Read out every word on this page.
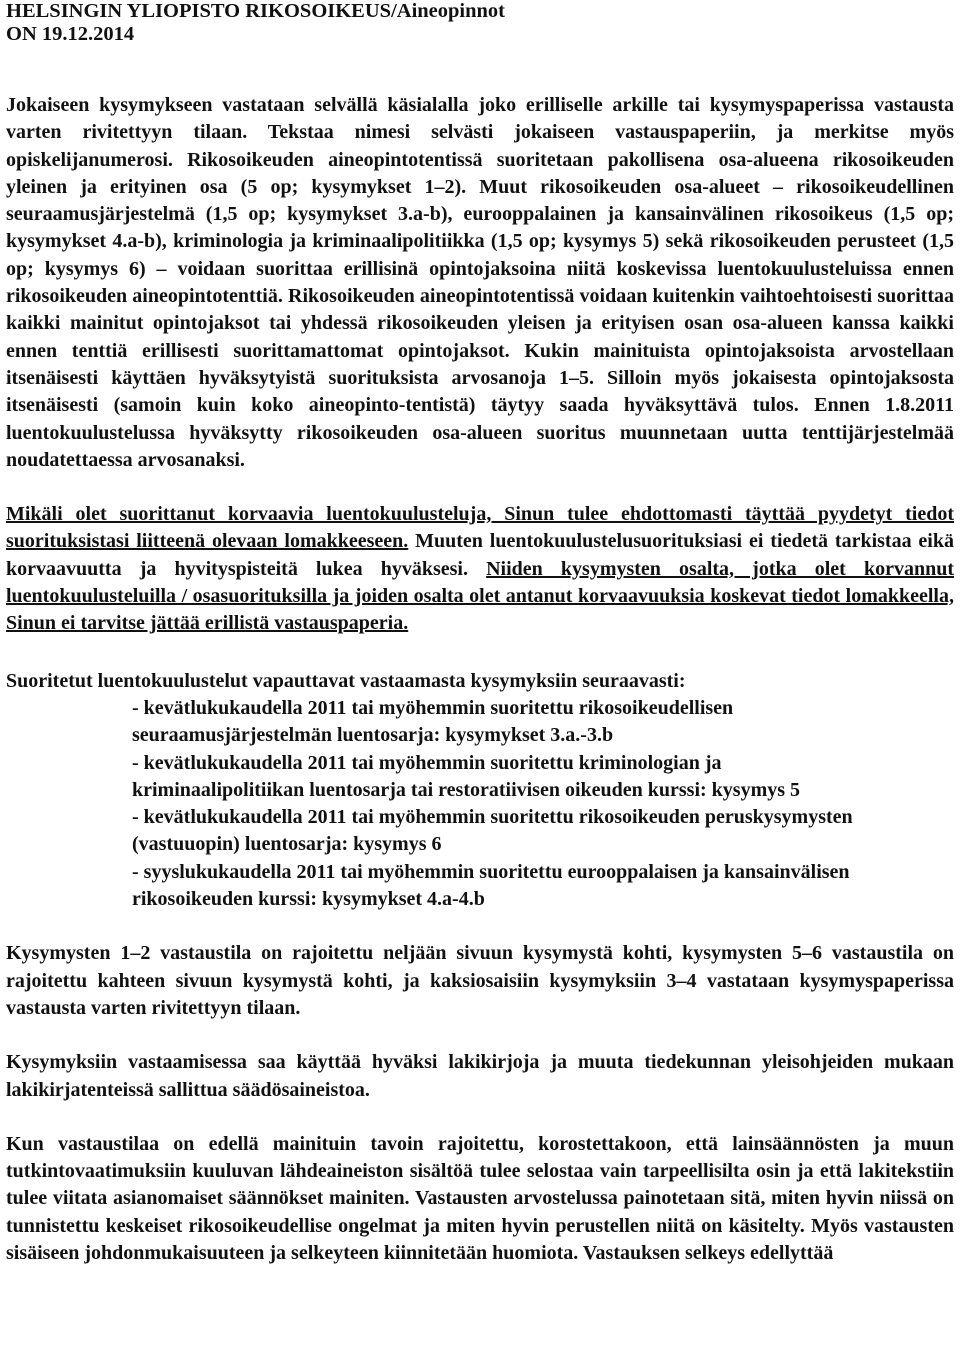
HELSINGIN YLIOPISTO RIKOSOIKEUS/Aineopinnot
ON 19.12.2014

Jokaiseen kysymykseen vastataan selvällä käsialalla joko erilliselle arkille tai kysymyspaperissa vastausta varten rivitettyyn tilaan. Tekstaa nimesi selvästi jokaiseen vastauspaperiin, ja merkitse myös opiskelijanumerosi. Rikosoikeuden aineopintotentissä suoritetaan pakollisena osa-alueena rikosoikeuden yleinen ja erityinen osa (5 op; kysymykset 1–2). Muut rikosoikeuden osa-alueet – rikosoikeudellinen seuraamusjärjestelmä (1,5 op; kysymykset 3.a-b), eurooppalainen ja kansainvälinen rikosoikeus (1,5 op; kysymykset 4.a-b), kriminologia ja kriminaalipolitiikka (1,5 op; kysymys 5) sekä rikosoikeuden perusteet (1,5 op; kysymys 6) – voidaan suorittaa erillisinä opintojaksoina niitä koskevissa luentokuulusteluissa ennen rikosoikeuden aineopintotenttiä. Rikosoikeuden aineopintotentissä voidaan kuitenkin vaihtoehtoisesti suorittaa kaikki mainitut opintojaksot tai yhdessä rikosoikeuden yleisen ja erityisen osan osa-alueen kanssa kaikki ennen tenttiä erillisesti suorittamattomat opintojaksot. Kukin mainituista opintojaksoista arvostellaan itsenäisesti käyttäen hyväksytyistä suorituksista arvosanoja 1–5. Silloin myös jokaisesta opintojaksosta itsenäisesti (samoin kuin koko aineopinto-tentistä) täytyy saada hyväksyttävä tulos. Ennen 1.8.2011 luentokuulustelussa hyväksytty rikosoikeuden osa-alueen suoritus muunnetaan uutta tenttijärjestelmää noudatettaessa arvosanaksi.

Mikäli olet suorittanut korvaavia luentokuulusteluja, Sinun tulee ehdottomasti täyttää pyydetyt tiedot suorituksistasi liitteenä olevaan lomakkeeseen. Muuten luentokuulustelusuorituksiasi ei tiedetä tarkistaa eikä korvaavuutta ja hyvityspisteitä lukea hyväksesi. Niiden kysymysten osalta, jotka olet korvannut luentokuulusteluilla / osasuorituksilla ja joiden osalta olet antanut korvaavuuksia koskevat tiedot lomakkeella, Sinun ei tarvitse jättää erillistä vastauspaperia.

Suoritetut luentokuulustelut vapauttavat vastaamasta kysymyksiin seuraavasti:

- kevätlukukaudella 2011 tai myöhemmin suoritettu rikosoikeudellisen seuraamusjärjestelmän luentosarja: kysymykset 3.a.-3.b
- kevätlukukaudella 2011 tai myöhemmin suoritettu kriminologian ja kriminaalipolitiikan luentosarja tai restoratiivisen oikeuden kurssi: kysymys 5
- kevätlukukaudella 2011 tai myöhemmin suoritettu rikosoikeuden peruskysymysten (vastuuopin) luentosarja: kysymys 6
- syyslukukaudella 2011 tai myöhemmin suoritettu eurooppalaisen ja kansainvälisen rikosoikeuden kurssi: kysymykset 4.a-4.b

Kysymysten 1–2 vastaustila on rajoitettu neljään sivuun kysymystä kohti, kysymysten 5–6 vastaustila on rajoitettu kahteen sivuun kysymystä kohti, ja kaksiosaisiin kysymyksiin 3–4 vastataan kysymyspaperissa vastausta varten rivitettyyn tilaan.

Kysymyksiin vastaamisessa saa käyttää hyväksi lakikirjoja ja muuta tiedekunnan yleisohjeiden mukaan lakikirjatenteissä sallittua säädösaineistoa.

Kun vastaustilaa on edellä mainituin tavoin rajoitettu, korostettakoon, että lainsäännösten ja muun tutkintovaatimuksiin kuuluvan lähdeaineiston sisältöä tulee selostaa vain tarpeellisilta osin ja että lakitekstiin tulee viitata asianomaiset säännökset mainiten. Vastausten arvostelussa painotetaan sitä, miten hyvin niissä on tunnistettu keskeiset rikosoikeudellise ongelmat ja miten hyvin perustellen niitä on käsitelty. Myös vastausten sisäiseen johdonmukaisuuteen ja selkeyteen kiinnitetään huomiota. Vastauksen selkeys edellyttää
